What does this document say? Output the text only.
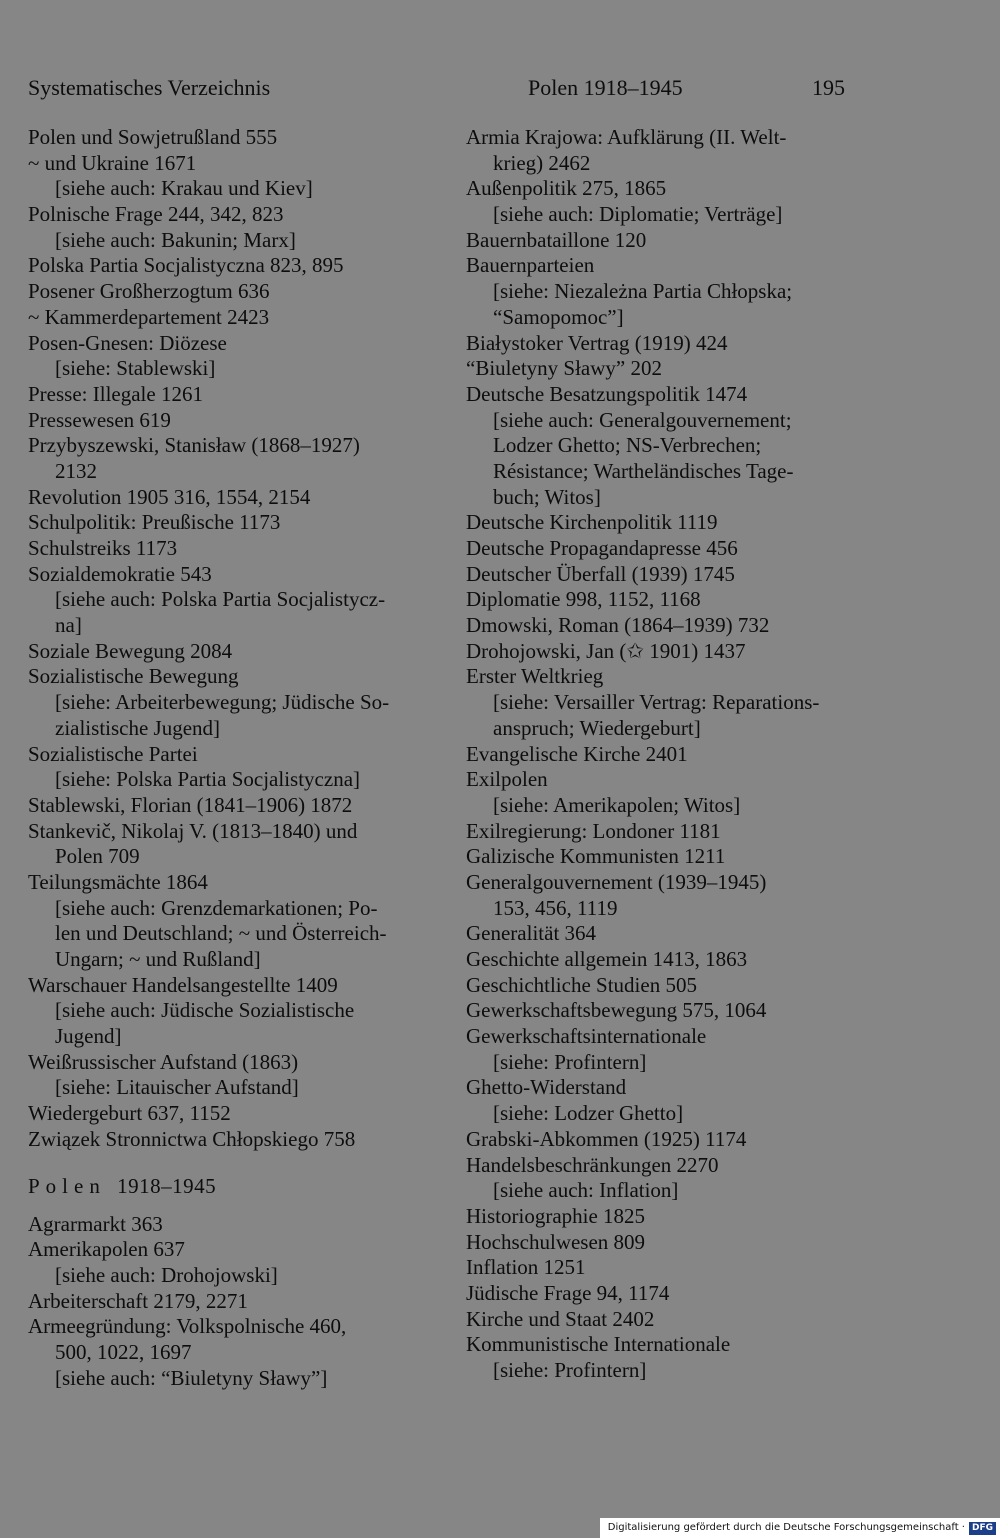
Systematisches Verzeichnis	Polen 1918–1945	195
Polen und Sowjetrußland 555
~ und Ukraine 1671
[siehe auch: Krakau und Kiev]
Polnische Frage 244, 342, 823
[siehe auch: Bakunin; Marx]
Polska Partia Socjalistyczna 823, 895
Posener Großherzogtum 636
~ Kammerdepartement 2423
Posen-Gnesen: Diözese
[siehe: Stablewski]
Presse: Illegale 1261
Pressewesen 619
Przybyszewski, Stanisław (1868–1927)
2132
Revolution 1905 316, 1554, 2154
Schulpolitik: Preußische 1173
Schulstreiks 1173
Sozialdemokratie 543
[siehe auch: Polska Partia Socjalistycz-
na]
Soziale Bewegung 2084
Sozialistische Bewegung
[siehe: Arbeiterbewegung; Jüdische So-
zialistische Jugend]
Sozialistische Partei
[siehe: Polska Partia Socjalistyczna]
Stablewski, Florian (1841–1906) 1872
Stankevič, Nikolaj V. (1813–1840) und
Polen 709
Teilungsmächte 1864
[siehe auch: Grenzdemarkationen; Po-
len und Deutschland; ~ und Österreich-
Ungarn; ~ und Rußland]
Warschauer Handelsangestellte 1409
[siehe auch: Jüdische Sozialistische
Jugend]
Weißrussischer Aufstand (1863)
[siehe: Litauischer Aufstand]
Wiedergeburt 637, 1152
Związek Stronnictwa Chłopskiego 758
Polen 1918–1945
Agrarmarkt 363
Amerikapolen 637
[siehe auch: Drohojowski]
Arbeiterschaft 2179, 2271
Armeegründung: Volkspolnische 460,
500, 1022, 1697
[siehe auch: “Biuletyny Sławy”]
Armia Krajowa: Aufklärung (II. Welt-
krieg) 2462
Außenpolitik 275, 1865
[siehe auch: Diplomatie; Verträge]
Bauernbataillone 120
Bauernparteien
[siehe: Niezależna Partia Chłopska;
“Samopomoc”]
Białystoker Vertrag (1919) 424
“Biuletyny Sławy” 202
Deutsche Besatzungspolitik 1474
[siehe auch: Generalgouvernement;
Lodzer Ghetto; NS-Verbrechen;
Résistance; Wartheländisches Tage-
buch; Witos]
Deutsche Kirchenpolitik 1119
Deutsche Propagandapresse 456
Deutscher Überfall (1939) 1745
Diplomatie 998, 1152, 1168
Dmowski, Roman (1864–1939) 732
Drohojowski, Jan (✩ 1901) 1437
Erster Weltkrieg
[siehe: Versailler Vertrag: Reparations-
anspruch; Wiedergeburt]
Evangelische Kirche 2401
Exilpolen
[siehe: Amerikapolen; Witos]
Exilregierung: Londoner 1181
Galizische Kommunisten 1211
Generalgouvernement (1939–1945)
153, 456, 1119
Generalität 364
Geschichte allgemein 1413, 1863
Geschichtliche Studien 505
Gewerkschaftsbewegung 575, 1064
Gewerkschaftsinternationale
[siehe: Profintern]
Ghetto-Widerstand
[siehe: Lodzer Ghetto]
Grabski-Abkommen (1925) 1174
Handelsbeschränkungen 2270
[siehe auch: Inflation]
Historiographie 1825
Hochschulwesen 809
Inflation 1251
Jüdische Frage 94, 1174
Kirche und Staat 2402
Kommunistische Internationale
[siehe: Profintern]
Digitalisierung gefördert durch die Deutsche Forschungsgemeinschaft · DFG
